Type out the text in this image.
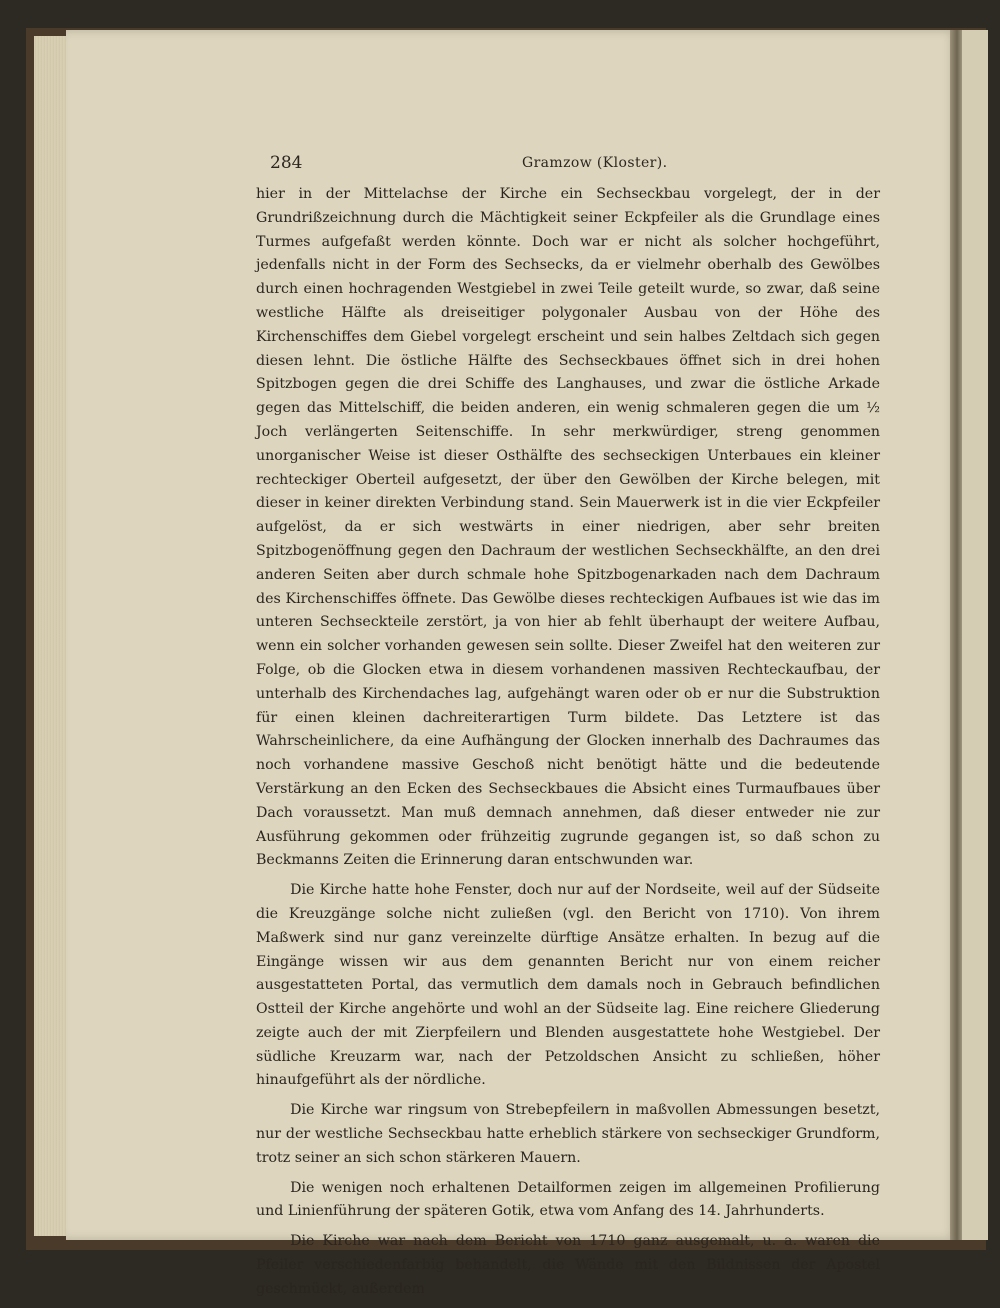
284	Gramzow (Kloster).

hier in der Mittelachse der Kirche ein Sechseckbau vorgelegt, der in der Grundrißzeichnung durch die Mächtigkeit seiner Eckpfeiler als die Grundlage eines Turmes aufgefaßt werden könnte. Doch war er nicht als solcher hochgeführt, jedenfalls nicht in der Form des Sechsecks, da er vielmehr oberhalb des Gewölbes durch einen hochragenden Westgiebel in zwei Teile geteilt wurde, so zwar, daß seine westliche Hälfte als dreiseitiger polygonaler Ausbau von der Höhe des Kirchenschiffes dem Giebel vorgelegt erscheint und sein halbes Zeltdach sich gegen diesen lehnt. Die östliche Hälfte des Sechseckbaues öffnet sich in drei hohen Spitzbogen gegen die drei Schiffe des Langhauses, und zwar die östliche Arkade gegen das Mittelschiff, die beiden anderen, ein wenig schmaleren gegen die um ½ Joch verlängerten Seitenschiffe. In sehr merkwürdiger, streng genommen unorganischer Weise ist dieser Osthälfte des sechseckigen Unterbaues ein kleiner rechteckiger Oberteil aufgesetzt, der über den Gewölben der Kirche belegen, mit dieser in keiner direkten Verbindung stand. Sein Mauerwerk ist in die vier Eckpfeiler aufgelöst, da er sich westwärts in einer niedrigen, aber sehr breiten Spitzbogenöffnung gegen den Dachraum der westlichen Sechseckhälfte, an den drei anderen Seiten aber durch schmale hohe Spitzbogenarkaden nach dem Dachraum des Kirchenschiffes öffnete. Das Gewölbe dieses rechteckigen Aufbaues ist wie das im unteren Sechseckteile zerstört, ja von hier ab fehlt überhaupt der weitere Aufbau, wenn ein solcher vorhanden gewesen sein sollte. Dieser Zweifel hat den weiteren zur Folge, ob die Glocken etwa in diesem vorhandenen massiven Rechteckaufbau, der unterhalb des Kirchendaches lag, aufgehängt waren oder ob er nur die Substruktion für einen kleinen dachreiterartigen Turm bildete. Das Letztere ist das Wahrscheinlichere, da eine Aufhängung der Glocken innerhalb des Dachraumes das noch vorhandene massive Geschoß nicht benötigt hätte und die bedeutende Verstärkung an den Ecken des Sechseckbaues die Absicht eines Turmaufbaues über Dach voraussetzt. Man muß demnach annehmen, daß dieser entweder nie zur Ausführung gekommen oder frühzeitig zugrunde gegangen ist, so daß schon zu Beckmanns Zeiten die Erinnerung daran entschwunden war.

Die Kirche hatte hohe Fenster, doch nur auf der Nordseite, weil auf der Südseite die Kreuzgänge solche nicht zuließen (vgl. den Bericht von 1710). Von ihrem Maßwerk sind nur ganz vereinzelte dürftige Ansätze erhalten. In bezug auf die Eingänge wissen wir aus dem genannten Bericht nur von einem reicher ausgestatteten Portal, das vermutlich dem damals noch in Gebrauch befindlichen Ostteil der Kirche angehörte und wohl an der Südseite lag. Eine reichere Gliederung zeigte auch der mit Zierpfeilern und Blenden ausgestattete hohe Westgiebel. Der südliche Kreuzarm war, nach der Petzoldschen Ansicht zu schließen, höher hinaufgeführt als der nördliche.

Die Kirche war ringsum von Strebepfeilern in maßvollen Abmessungen besetzt, nur der westliche Sechseckbau hatte erheblich stärkere von sechseckiger Grundform, trotz seiner an sich schon stärkeren Mauern.

Die wenigen noch erhaltenen Detailformen zeigen im allgemeinen Profilierung und Linienführung der späteren Gotik, etwa vom Anfang des 14. Jahrhunderts.

Die Kirche war nach dem Bericht von 1710 ganz ausgemalt, u. a. waren die Pfeiler verschiedenfarbig behandelt, die Wände mit den Bildnissen der Apostel geschmückt, außerdem
